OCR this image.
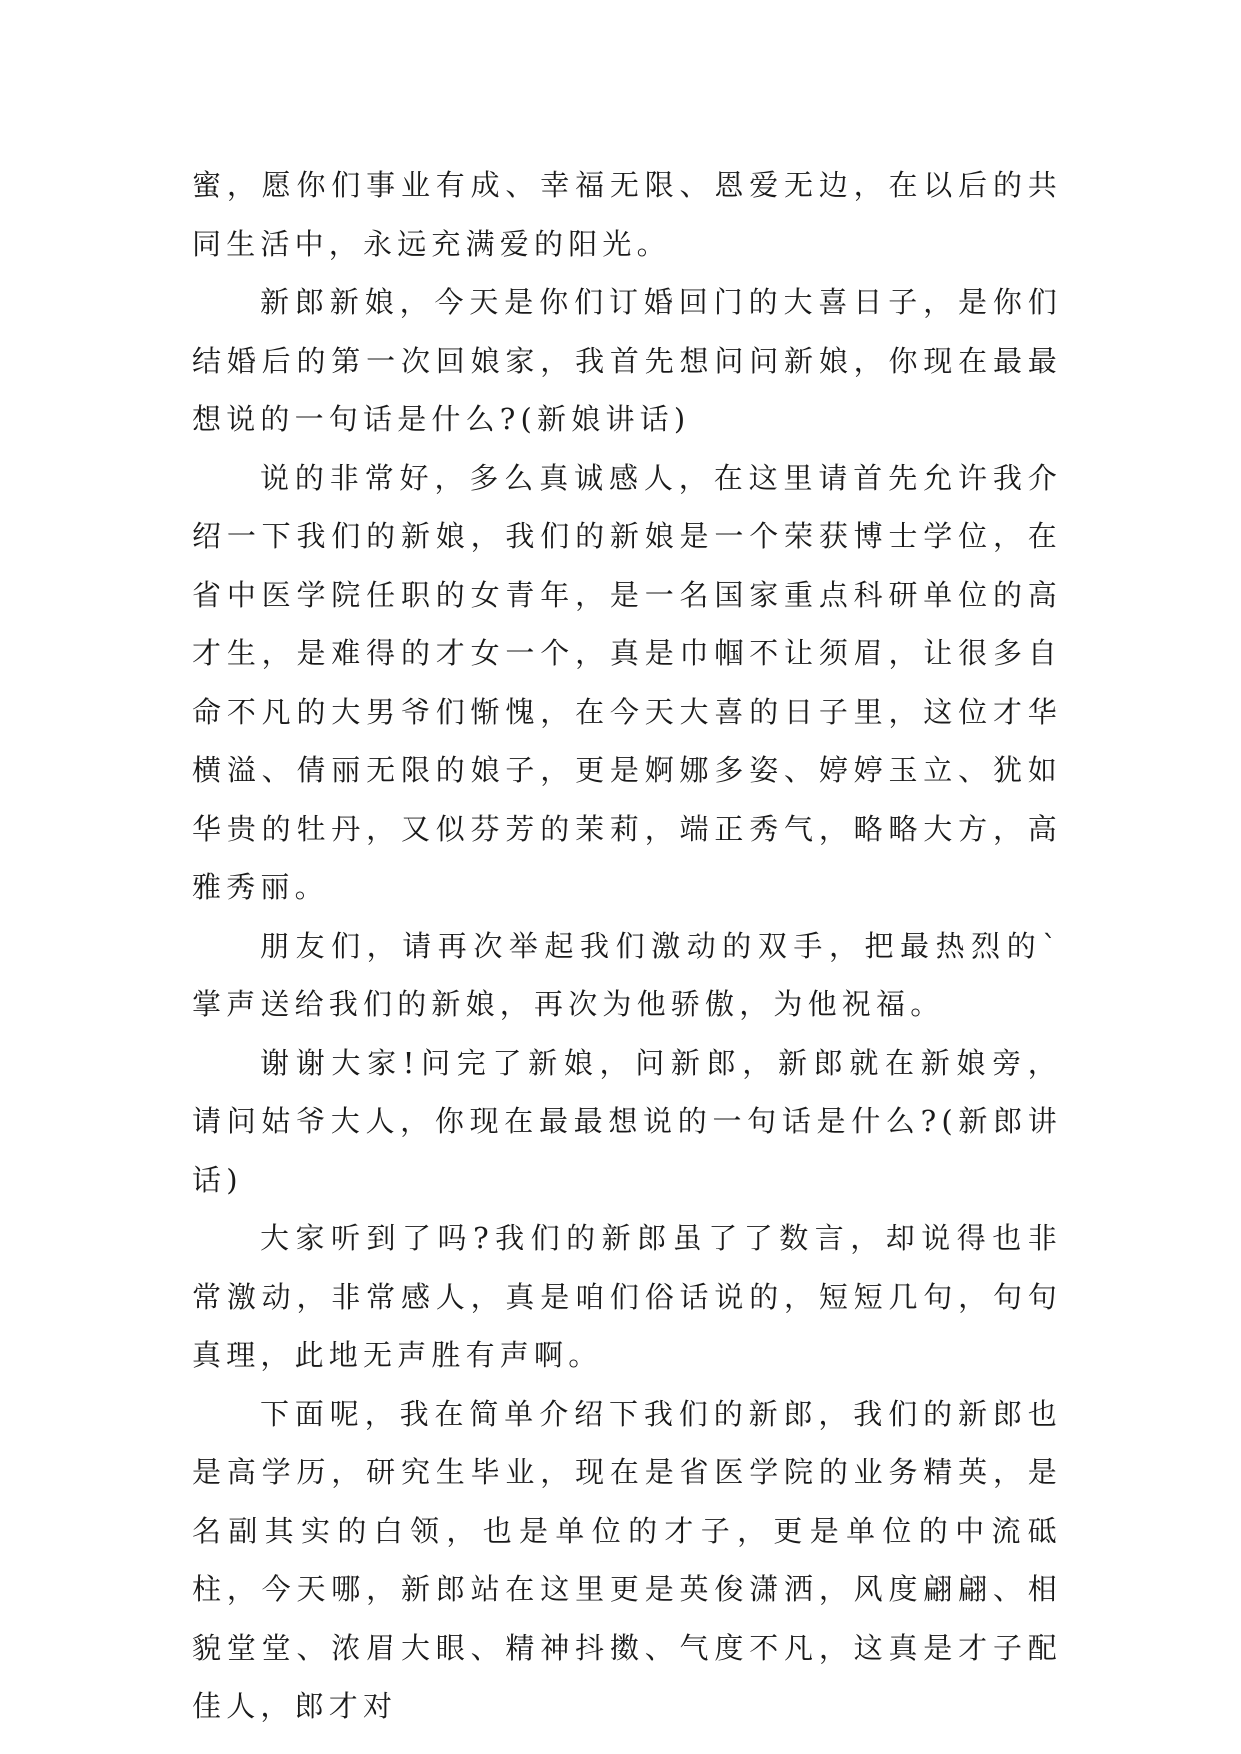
蜜，愿你们事业有成、幸福无限、恩爱无边，在以后的共同生活中，永远充满爱的阳光。

新郎新娘，今天是你们订婚回门的大喜日子，是你们结婚后的第一次回娘家，我首先想问问新娘，你现在最最想说的一句话是什么?(新娘讲话)

说的非常好，多么真诚感人，在这里请首先允许我介绍一下我们的新娘，我们的新娘是一个荣获博士学位，在省中医学院任职的女青年，是一名国家重点科研单位的高才生，是难得的才女一个，真是巾帼不让须眉，让很多自命不凡的大男爷们惭愧，在今天大喜的日子里，这位才华横溢、倩丽无限的娘子，更是婀娜多姿、婷婷玉立、犹如华贵的牡丹，又似芬芳的茉莉，端正秀气，略略大方，高雅秀丽。

朋友们，请再次举起我们激动的双手，把最热烈的`掌声送给我们的新娘，再次为他骄傲，为他祝福。

谢谢大家!问完了新娘，问新郎，新郎就在新娘旁，请问姑爷大人，你现在最最想说的一句话是什么?(新郎讲话)

大家听到了吗?我们的新郎虽了了数言，却说得也非常激动，非常感人，真是咱们俗话说的，短短几句，句句真理，此地无声胜有声啊。

下面呢，我在简单介绍下我们的新郎，我们的新郎也是高学历，研究生毕业，现在是省医学院的业务精英，是名副其实的白领，也是单位的才子，更是单位的中流砥柱，今天哪，新郎站在这里更是英俊潇洒，风度翩翩、相貌堂堂、浓眉大眼、精神抖擞、气度不凡，这真是才子配佳人，郎才对
